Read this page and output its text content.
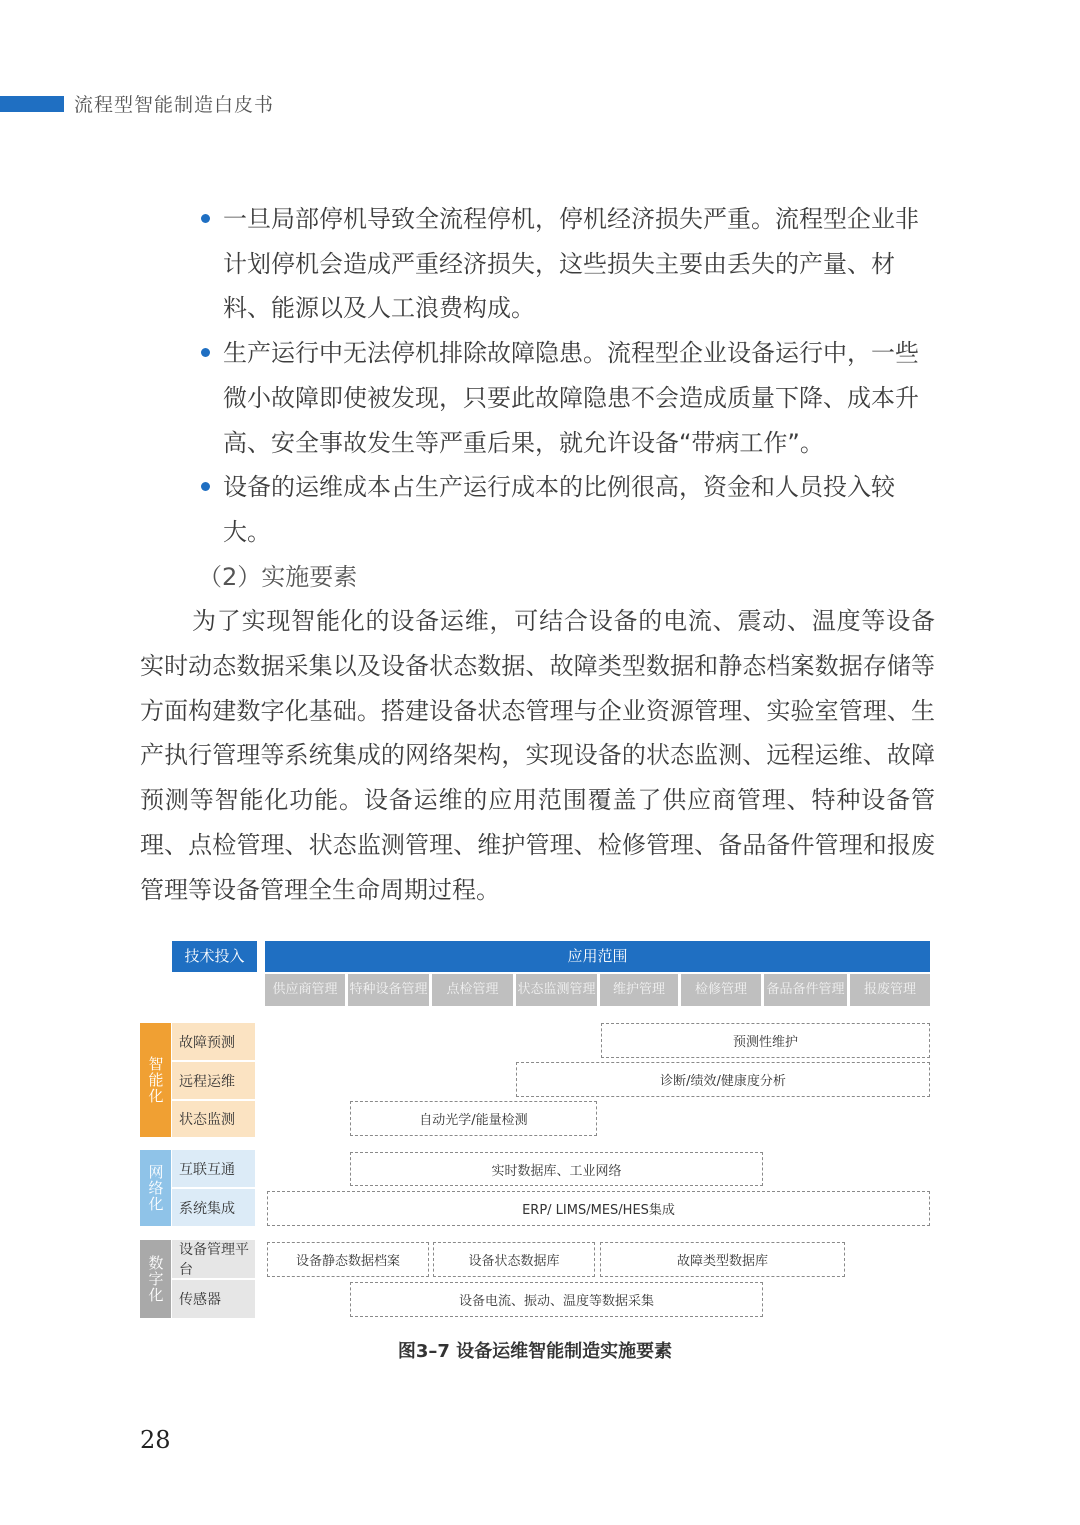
流程型智能制造白皮书
一旦局部停机导致全流程停机，停机经济损失严重。流程型企业非计划停机会造成严重经济损失，这些损失主要由丢失的产量、材料、能源以及人工浪费构成。
生产运行中无法停机排除故障隐患。流程型企业设备运行中，一些微小故障即使被发现，只要此故障隐患不会造成质量下降、成本升高、安全事故发生等严重后果，就允许设备“带病工作”。
设备的运维成本占生产运行成本的比例很高，资金和人员投入较大。
（2）实施要素
为了实现智能化的设备运维，可结合设备的电流、震动、温度等设备实时动态数据采集以及设备状态数据、故障类型数据和静态档案数据存储等方面构建数字化基础。搭建设备状态管理与企业资源管理、实验室管理、生产执行管理等系统集成的网络架构，实现设备的状态监测、远程运维、故障预测等智能化功能。设备运维的应用范围覆盖了供应商管理、特种设备管理、点检管理、状态监测管理、维护管理、检修管理、备品备件管理和报废管理等设备管理全生命周期过程。
技术投入	应用范围
供应商管理 特种设备管理	点检管理	状态监测管理	维护管理	检修管理	备品备件管理	报废管理
智能化
故障预测
远程运维
状态监测
网络化	互联互通
系统集成
数字化
设备管理平台
传感器
预测性维护
诊断/绩效/健康度分析
自动光学/能量检测
实时数据库、工业网络
ERP/ LIMS/MES/HES集成
设备静态数据档案	设备状态数据库	故障类型数据库
设备电流、振动、温度等数据采集
图3–7 设备运维智能制造实施要素
28
